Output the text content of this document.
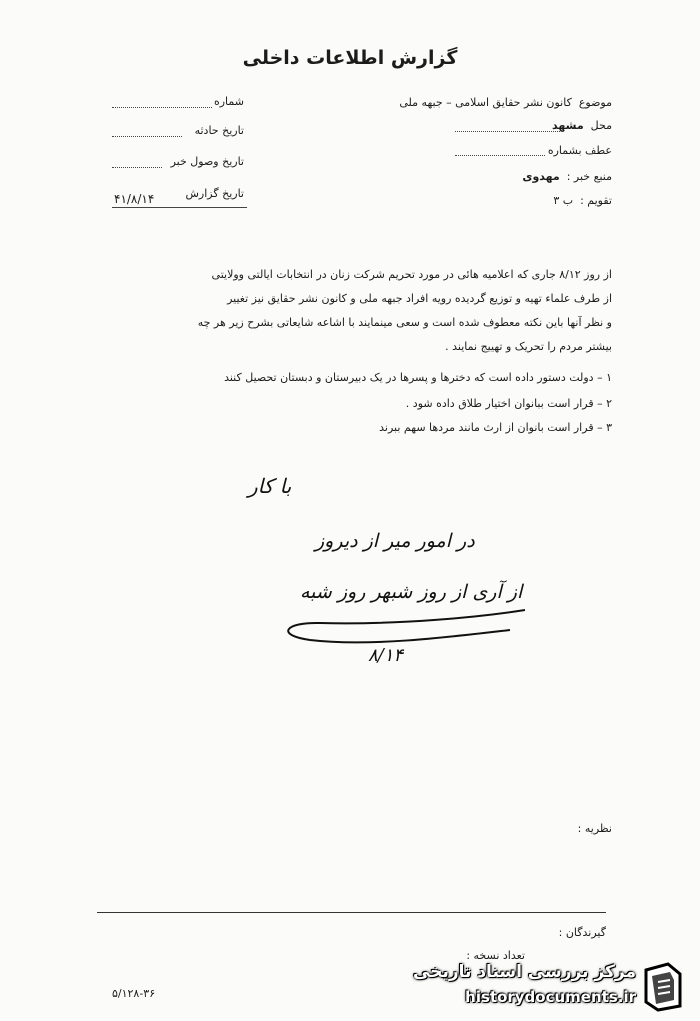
گزارش اطلاعات داخلی
موضوع  کانون نشر حقایق اسلامی – جبهه ملی
محل  مشهد
عطف بشماره
منبع خبر :  مهدوی
تقویم :  ب ۳
شماره
تاریخ حادثه
تاریخ وصول خبر
تاریخ گزارش
۴۱/۸/۱۴
از روز ۸/۱۲ جاری که اعلامیه هائی در مورد تحریم شرکت زنان در انتخابات ایالتی وولایتی
از طرف علماء تهیه و توزیع گردیده رویه افراد جبهه ملی و کانون نشر حقایق نیز تغییر
و نظر آنها باین نکته معطوف شده است و سعی مینمایند با اشاعه شایعاتی بشرح زیر هر چه
بیشتر مردم را تحریک و تهییج نمایند .
۱ – دولت دستور داده است که دخترها و پسرها در یک دبیرستان و دبستان تحصیل کنند
۲ – قرار است ببانوان اختیار طلاق داده شود .
۳ – قرار است بانوان از ارث مانند مردها سهم ببرند
با کار
در امور میر از دیروز
از آری از روز شبهر روز شبه
۸/۱۴
نظریه :
گیرندگان :
تعداد نسخه :
۵/۱۲۸-۳۶
مرکز بررسی اسناد تاریخی
historydocuments.ir
